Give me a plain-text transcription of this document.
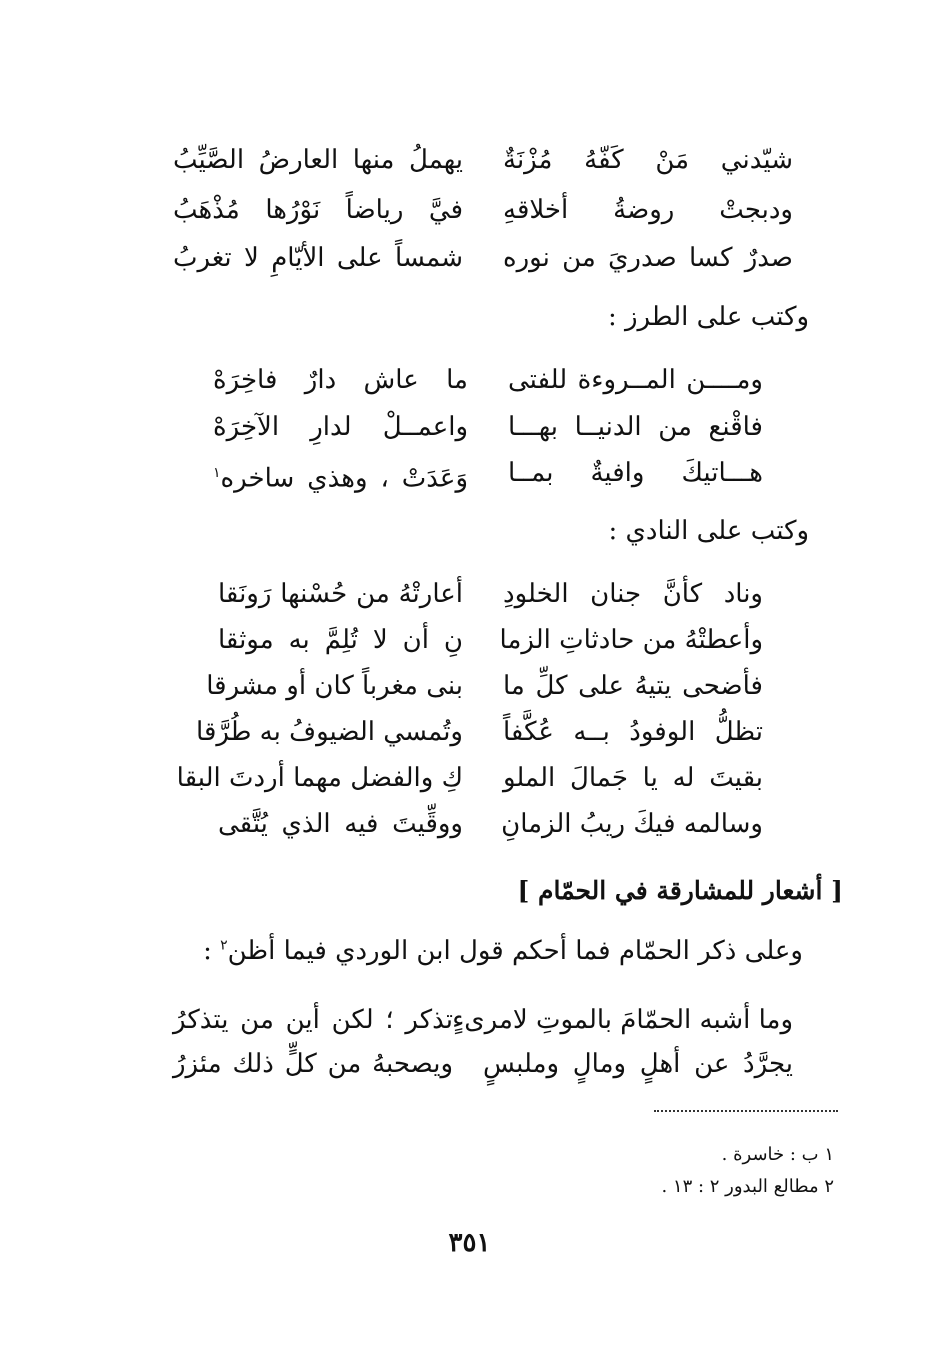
شيّدني مَنْ كَفّهُ مُزْنَةٌ
يهملُ منها العارضُ الصَّيِّبُ
ودبجتْ روضةُ أخلاقهِ
فيَّ رياضاً نَوْرُها مُذْهَبُ
صدرٌ كسا صدريَ من نوره
شمساً على الأيّامِ لا تغربُ
وكتب على الطرز :
ومــــن المــروءة للفتى
ما عاش دارٌ فاخِرَهْ
فاقْنع من الدنيــا بهـــا
واعمــلْ لدارِ الآخِرَهْ
هـــاتيكَ وافيةٌ بمــا
وَعَدَتْ ، وهذي ساخره$^١$
وكتب على النادي :
وناد كأنَّ جنان الخلودِ
أعارتْهُ من حُسْنها رَونَقا
وأعطتْهُ من حادثاتِ الزما
نِ أن لا تُلِمَّ به موثقا
فأضحى يتيهُ على كلِّ ما
بنى مغرباً كان أو مشرقا
تظلُّ الوفودُ بــه عُكَّفاً
وتُمسي الضيوفُ به طُرَّقا
بقيتَ له يا جَمالَ الملو
كِ والفضل مهما أردتَ البقا
وسالمه فيكَ ريبُ الزمانِ
ووقِّيتَ فيه الذي يُتَّقى
[ أشعار للمشارقة في الحمّام ]
وعلى ذكر الحمّام فما أحكم قول ابن الوردي فيما أظن$^٢$ :
وما أشبه الحمّامَ بالموتِ لامرىءٍ
تذكر ؛ لكن أين من يتذكرُ
يجرَّدُ عن أهلٍ ومالٍ وملبسٍ
ويصحبهُ من كلٍّ ذلك مئزرُ
١ ب : خاسرة .
٢ مطالع البدور ٢ : ١٣ .
٣٥١
